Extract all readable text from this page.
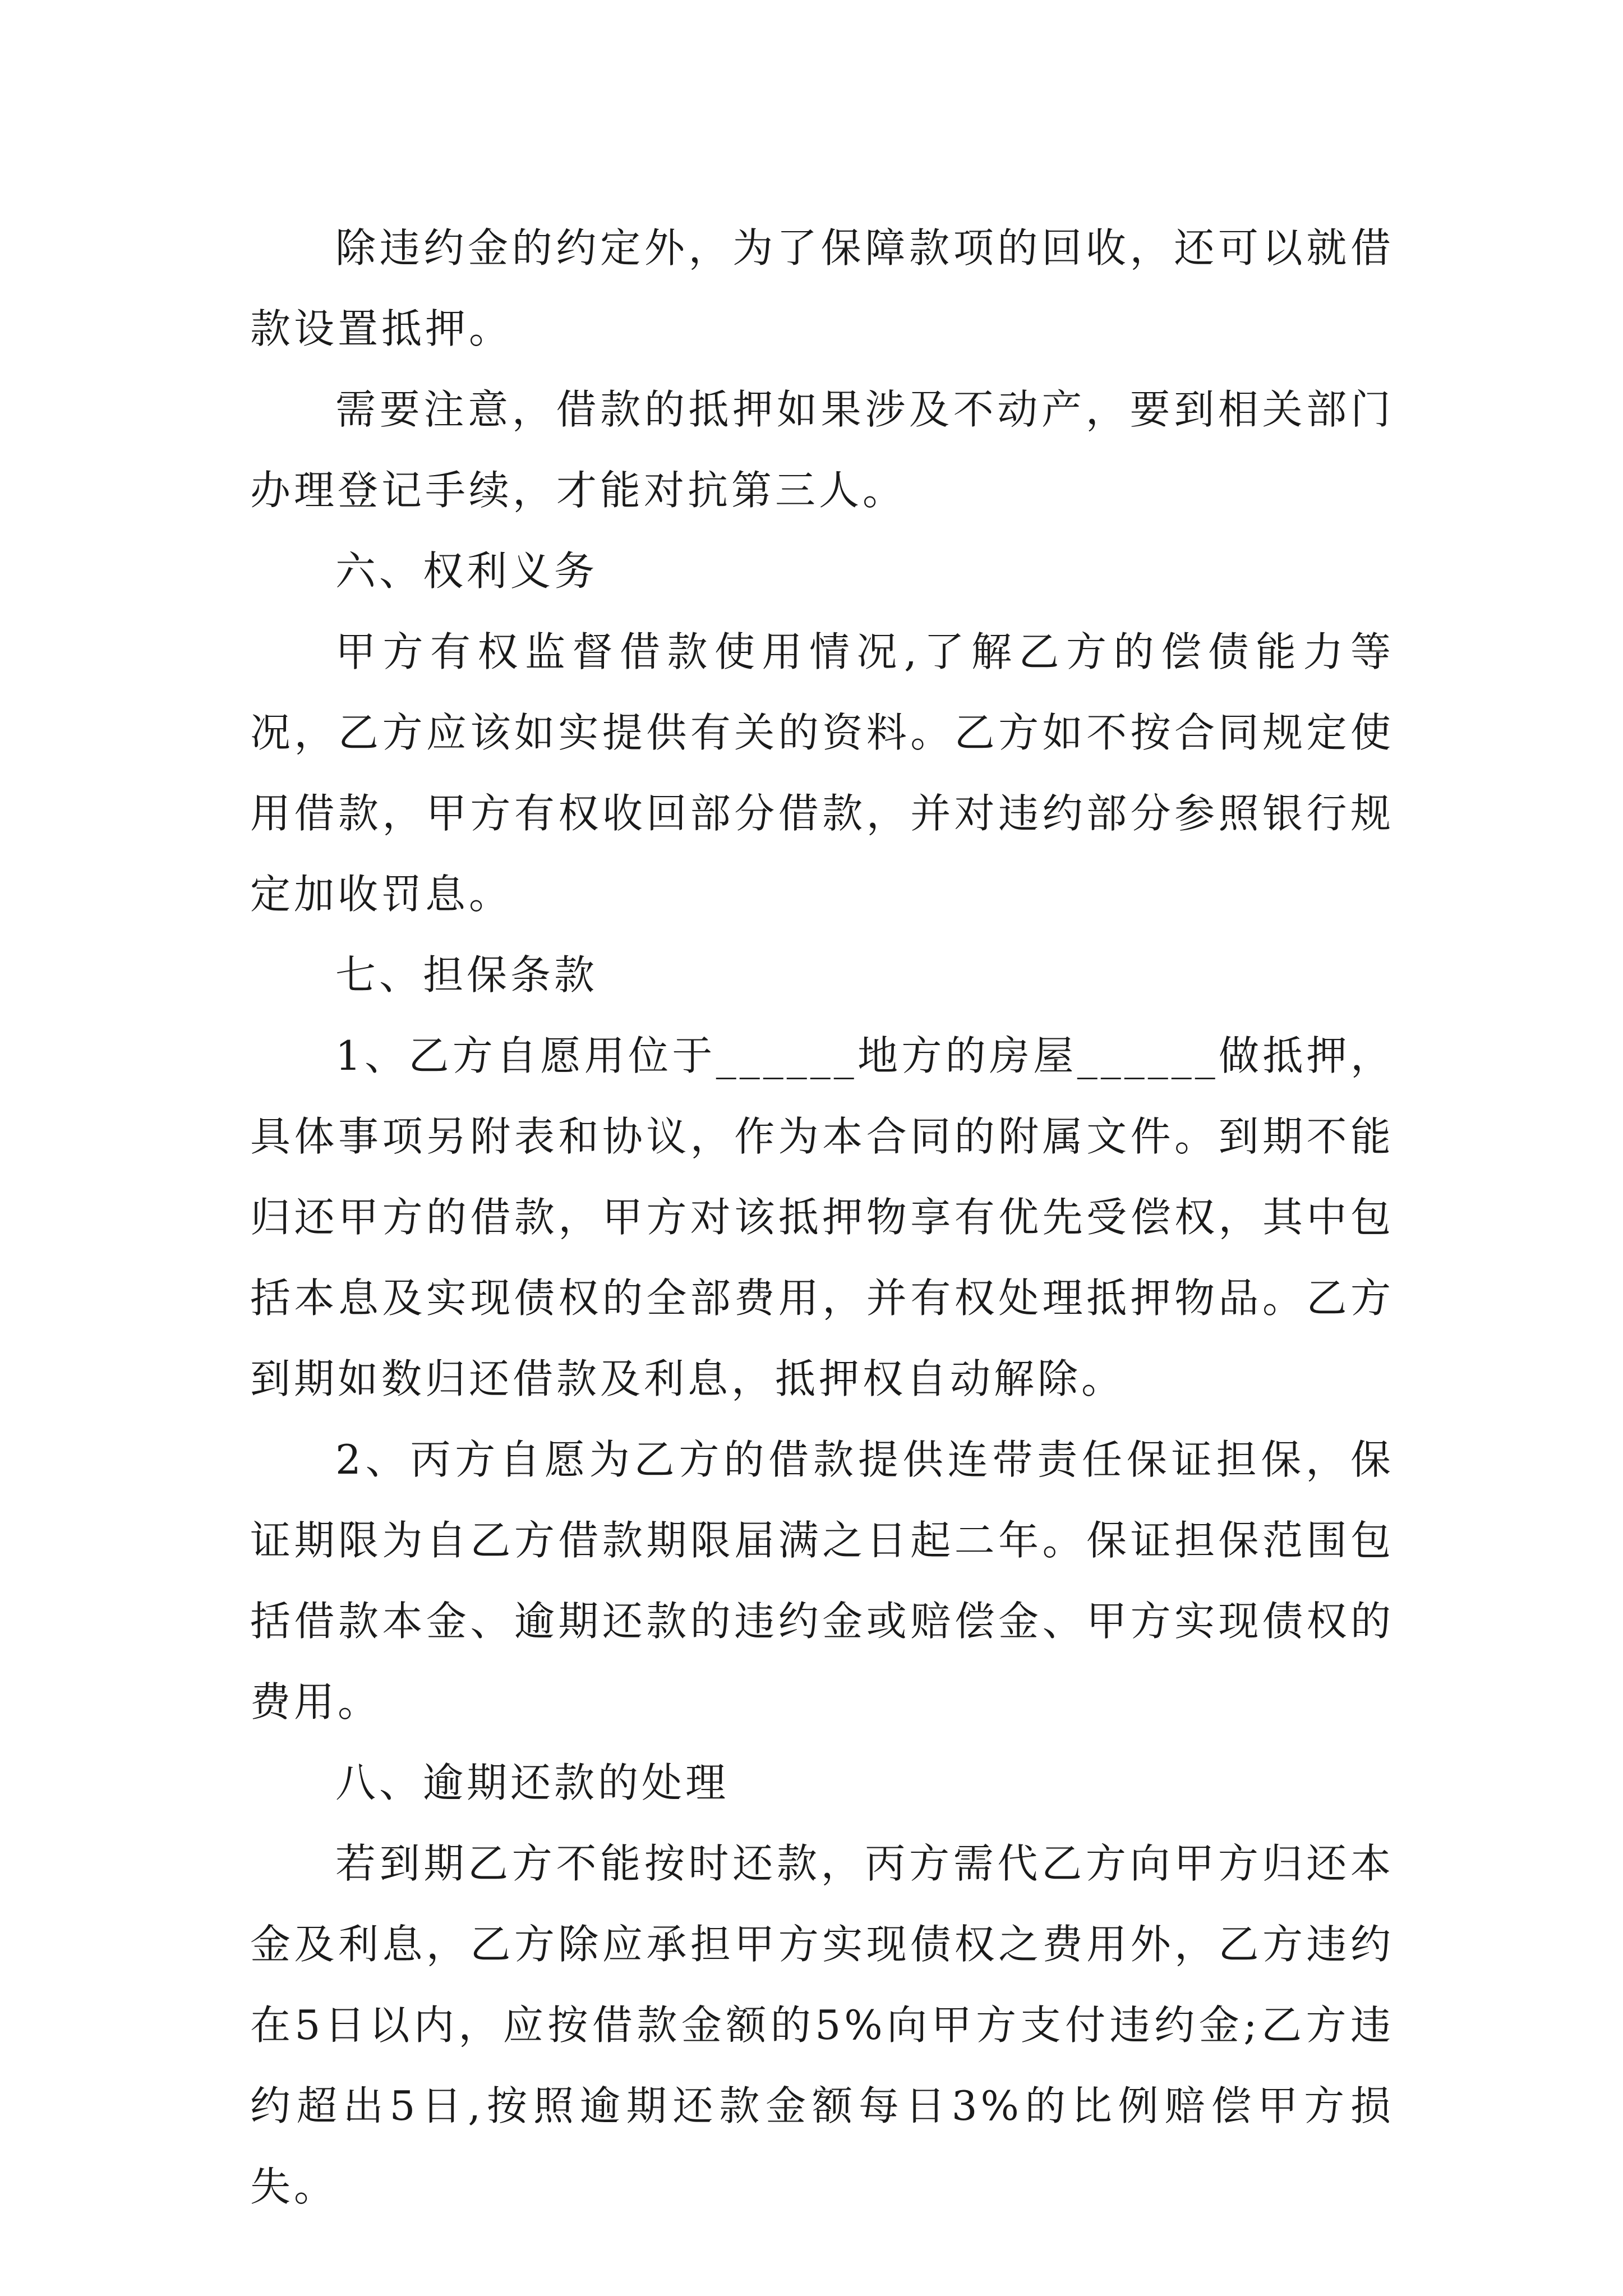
除违约金的约定外，为了保障款项的回收，还可以就借款设置抵押。

需要注意，借款的抵押如果涉及不动产，要到相关部门办理登记手续，才能对抗第三人。

六、权利义务

甲方有权监督借款使用情况,了解乙方的偿债能力等况，乙方应该如实提供有关的资料。乙方如不按合同规定使用借款，甲方有权收回部分借款，并对违约部分参照银行规定加收罚息。

七、担保条款

1、乙方自愿用位于______地方的房屋______做抵押，具体事项另附表和协议，作为本合同的附属文件。到期不能归还甲方的借款，甲方对该抵押物享有优先受偿权，其中包括本息及实现债权的全部费用，并有权处理抵押物品。乙方到期如数归还借款及利息，抵押权自动解除。

2、丙方自愿为乙方的借款提供连带责任保证担保，保证期限为自乙方借款期限届满之日起二年。保证担保范围包括借款本金、逾期还款的违约金或赔偿金、甲方实现债权的费用。

八、逾期还款的处理

若到期乙方不能按时还款，丙方需代乙方向甲方归还本金及利息，乙方除应承担甲方实现债权之费用外，乙方违约在5日以内，应按借款金额的5%向甲方支付违约金;乙方违约超出5日,按照逾期还款金额每日3%的比例赔偿甲方损失。
